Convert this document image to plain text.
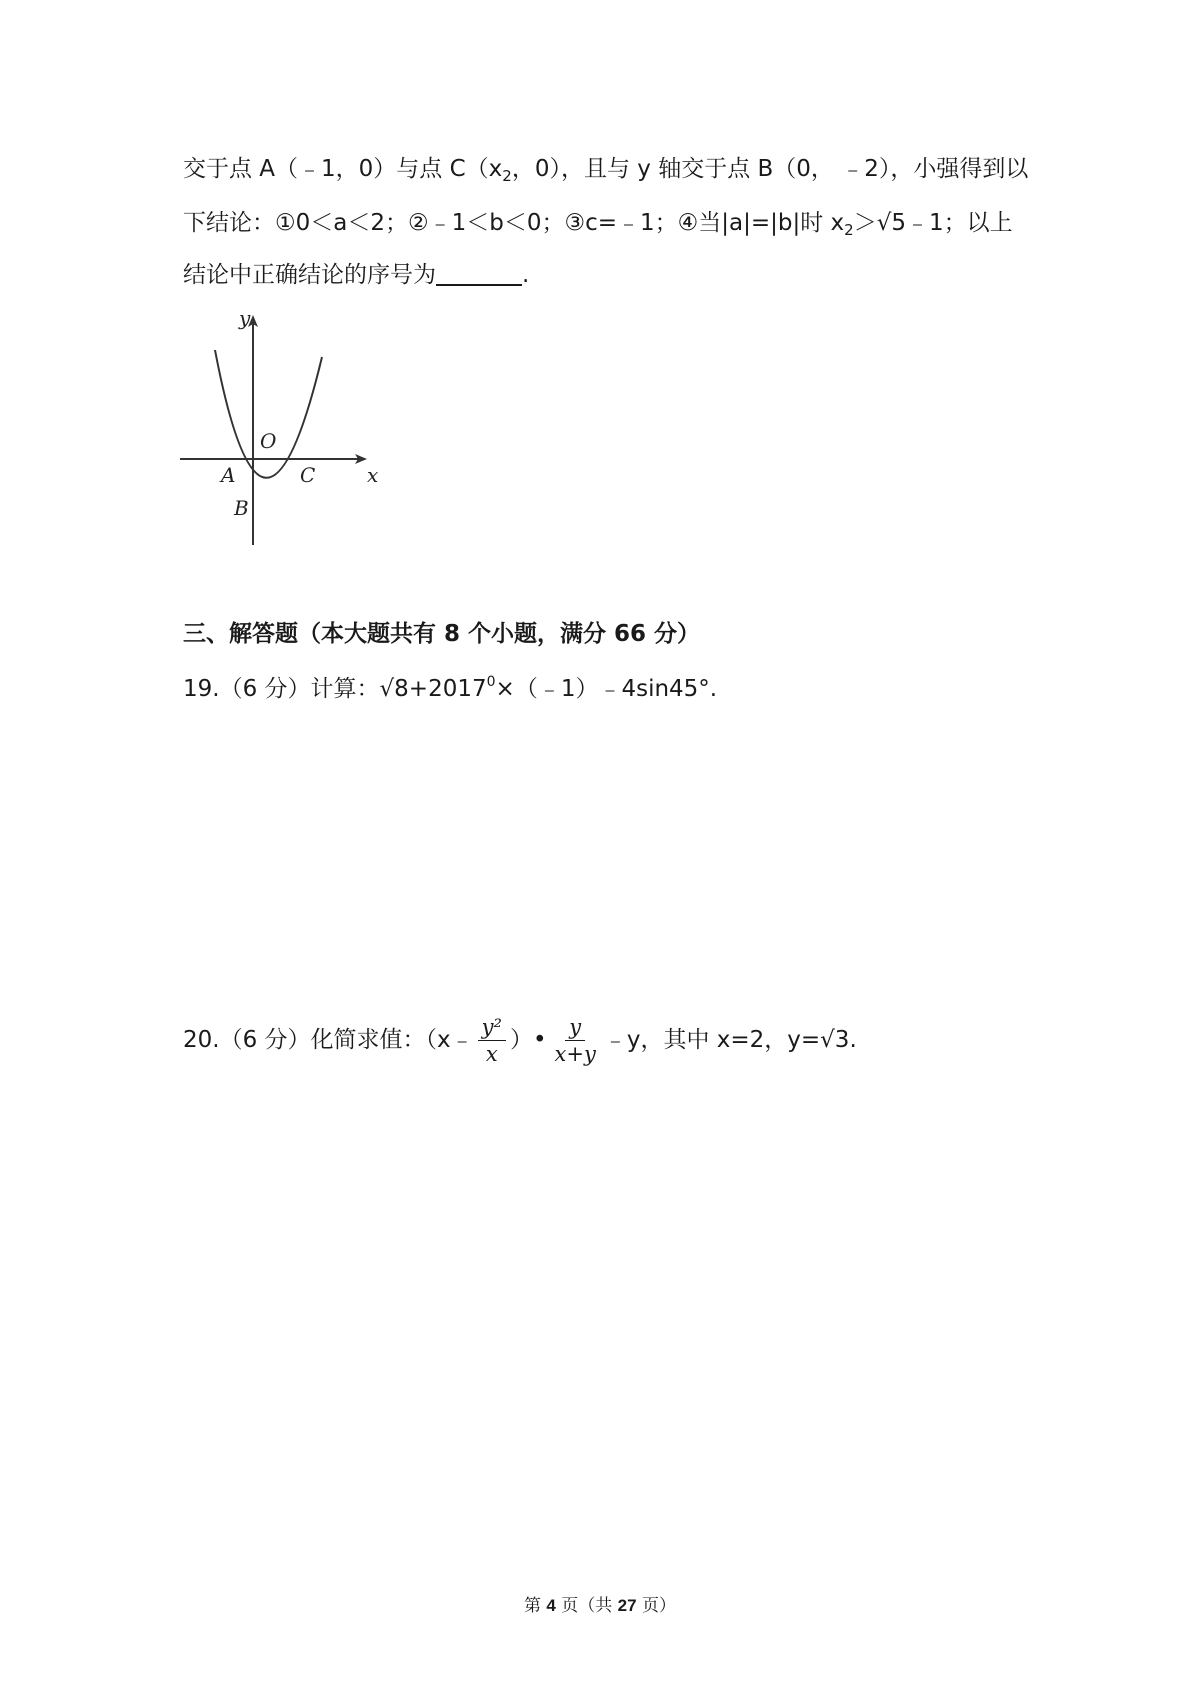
交于点 A（﹣1，0）与点 $C(x_2$，0），且与 y 轴交于点 B（0， ﹣2），小强得到以
下结论：①0＜a＜2；②﹣1＜b＜0；③c=﹣1；④当|a|=|b|时 $x_2>√5﹣1$；以上
结论中正确结论的序号为	.
y
x
O
A
B
C
三、解答题（本大题共有 8 个小题，满分 66 分）
19.（6 分）计算：$√8+2017^0\times(﹣1)﹣4\sin 45^\circ$.
20.（6 分）化简求值：（x﹣ $\frac{\text{y²}}{x}$ ）• $\frac{y}{x+y}$ ﹣y，其中 x=2，y=√3.
第 4 页（共 27 页）
